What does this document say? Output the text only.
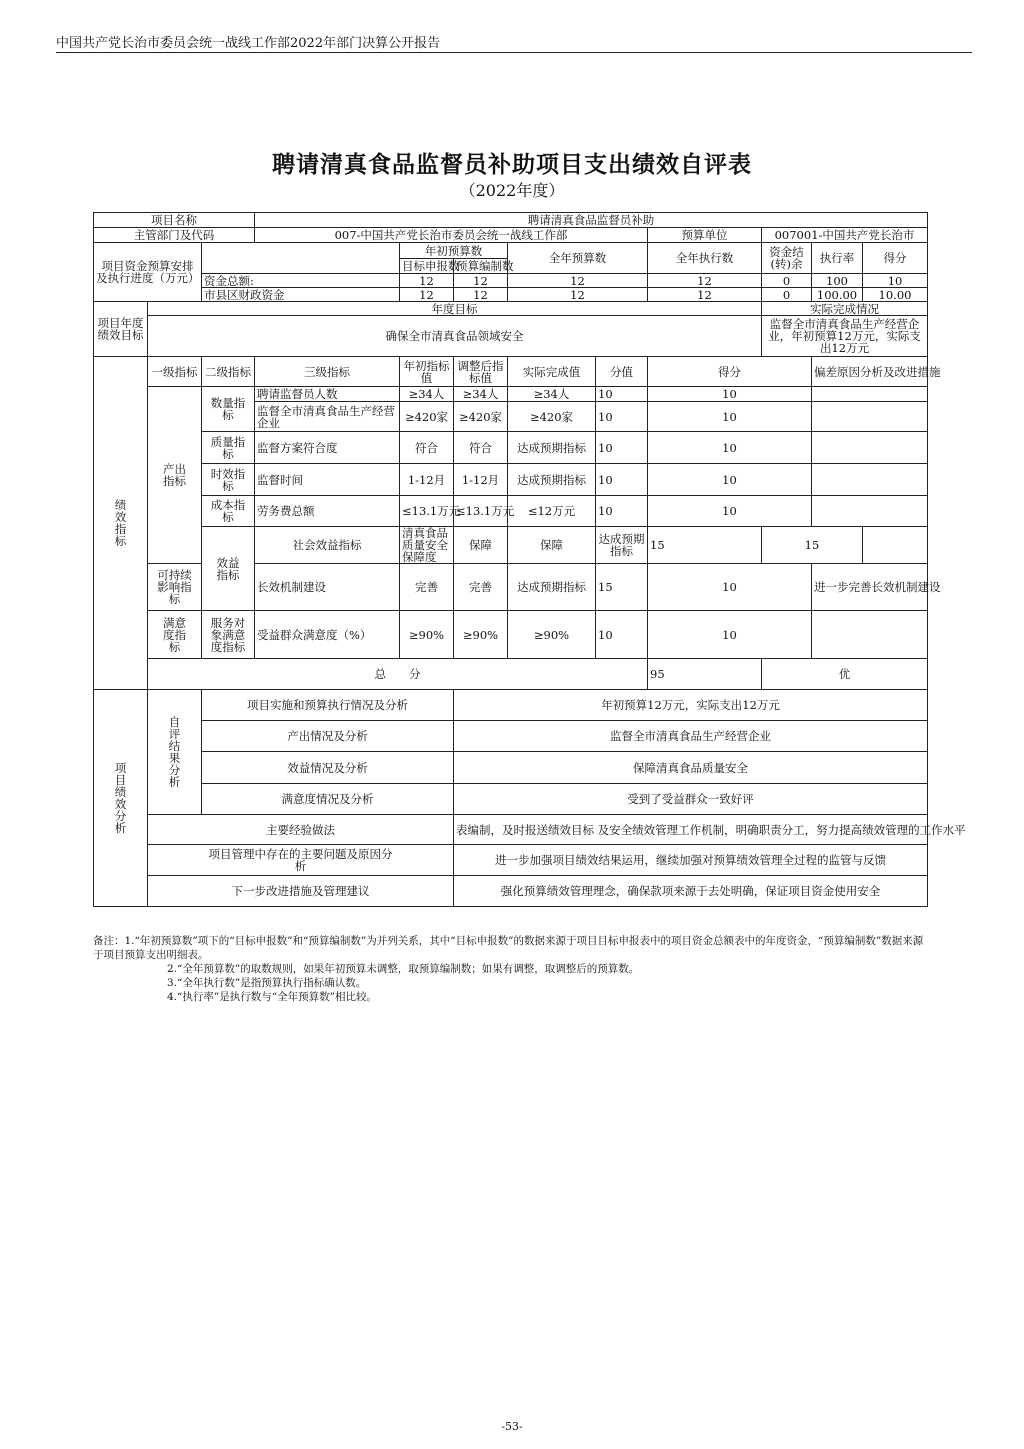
中国共产党长治市委员会统一战线工作部2022年部门决算公开报告
聘请清真食品监督员补助项目支出绩效自评表
（2022年度）
项目名称			聘请清真食品监督员补助								
主管部门及代码			007-中国共产党长治市委员会统一战线工作部					预算单位	007001-中国共产党长治市		
项目资金预算安排及执行进度（万元）				年初预算数		全年预算数		全年执行数	资金结(转)余	执行率	得分
				目标申报数	预算编制数						
		资金总额:		12	12	12		12	0	100	10
		市县区财政资金		12	12	12		12	0	100.00	10.00
项目年度绩效目标	年度目标								实际完成情况		
	确保全市清真食品领域安全								监督全市清真食品生产经营企业，年初预算12万元，实际支出12万元		
绩效指标	一级指标	二级指标	三级指标	年初指标值	调整后指标值	实际完成值	分值	得分		偏差原因分析及改进措施	
	产出指标	数量指标	聘请监督员人数	≥34人	≥34人	≥34人	10	10			
			监督全市清真食品生产经营企业	≥420家	≥420家	≥420家	10	10			
		质量指标	监督方案符合度	符合	符合	达成预期指标	10	10			
		时效指标	监督时间	1-12月	1-12月	达成预期指标	10	10			
		成本指标	劳务费总额	≤13.1万元	≤13.1万元	≤12万元	10	10			
		效益指标	社会效益指标	清真食品质量安全保障度	保障	保障	达成预期指标	15	15		
	可持续影响指标		长效机制建设	完善	完善	达成预期指标	15	10		进一步完善长效机制建设	
	满意度指标	服务对象满意度指标	受益群众满意度（%）	≥90%	≥90%	≥90%	10	10			
	总　　分							95	优		
项目绩效分析	自评结果分析	项目实施和预算执行情况及分析			年初预算12万元，实际支出12万元						
		产出情况及分析			监督全市清真食品生产经营企业						
		效益情况及分析			保障清真食品质量安全						
		满意度情况及分析			受到了受益群众一致好评						
	主要经验做法				表编制，及时报送绩效目标 及安全绩效管理工作机制，明确职责分工，努力提高绩效管理的工作水平						
	项目管理中存在的主要问题及原因分析				进一步加强项目绩效结果运用，继续加强对预算绩效管理全过程的监管与反馈						
	下一步改进措施及管理建议				强化预算绩效管理理念，确保款项来源于去处明确，保证项目资金使用安全						

备注：1.“年初预算数”项下的“目标申报数”和“预算编制数”为并列关系，其中“目标申报数”的数据来源于项目目标申报表中的项目资金总额表中的年度资金，“预算编制数”数据来源于项目预算支出明细表。

2.“全年预算数”的取数规则，如果年初预算未调整，取预算编制数；如果有调整，取调整后的预算数。

3.“全年执行数”是指预算执行指标确认数。

4.“执行率”是执行数与“全年预算数”相比较。

-53-
